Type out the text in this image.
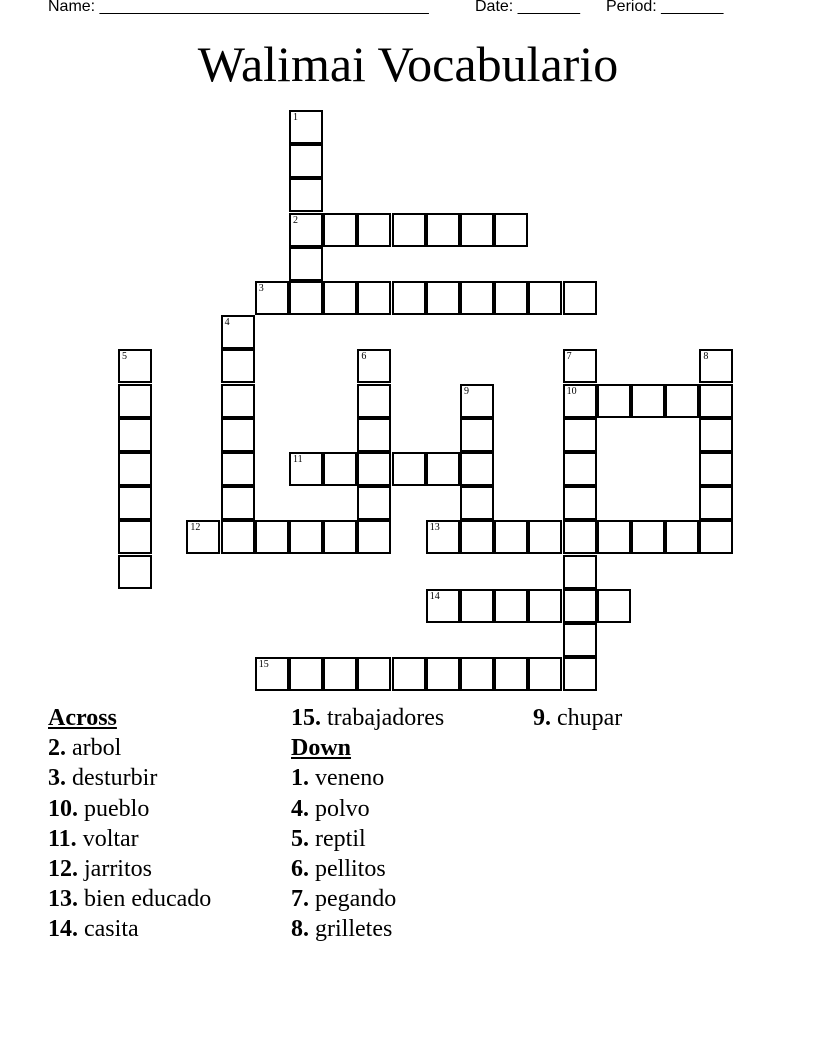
Name: _____________________________________	Date: _______ Period: _______
Walimai Vocabulario
1
2
3
4
5	6	7
10
8
9
11
12	13
14
15
Across
2. arbol
3. desturbir
10. pueblo
11. voltar
12. jarritos
13. bien educado
14. casita
15. trabajadores
Down
1. veneno
4. polvo
5. reptil
6. pellitos
7. pegando
8. grilletes
9. chupar
